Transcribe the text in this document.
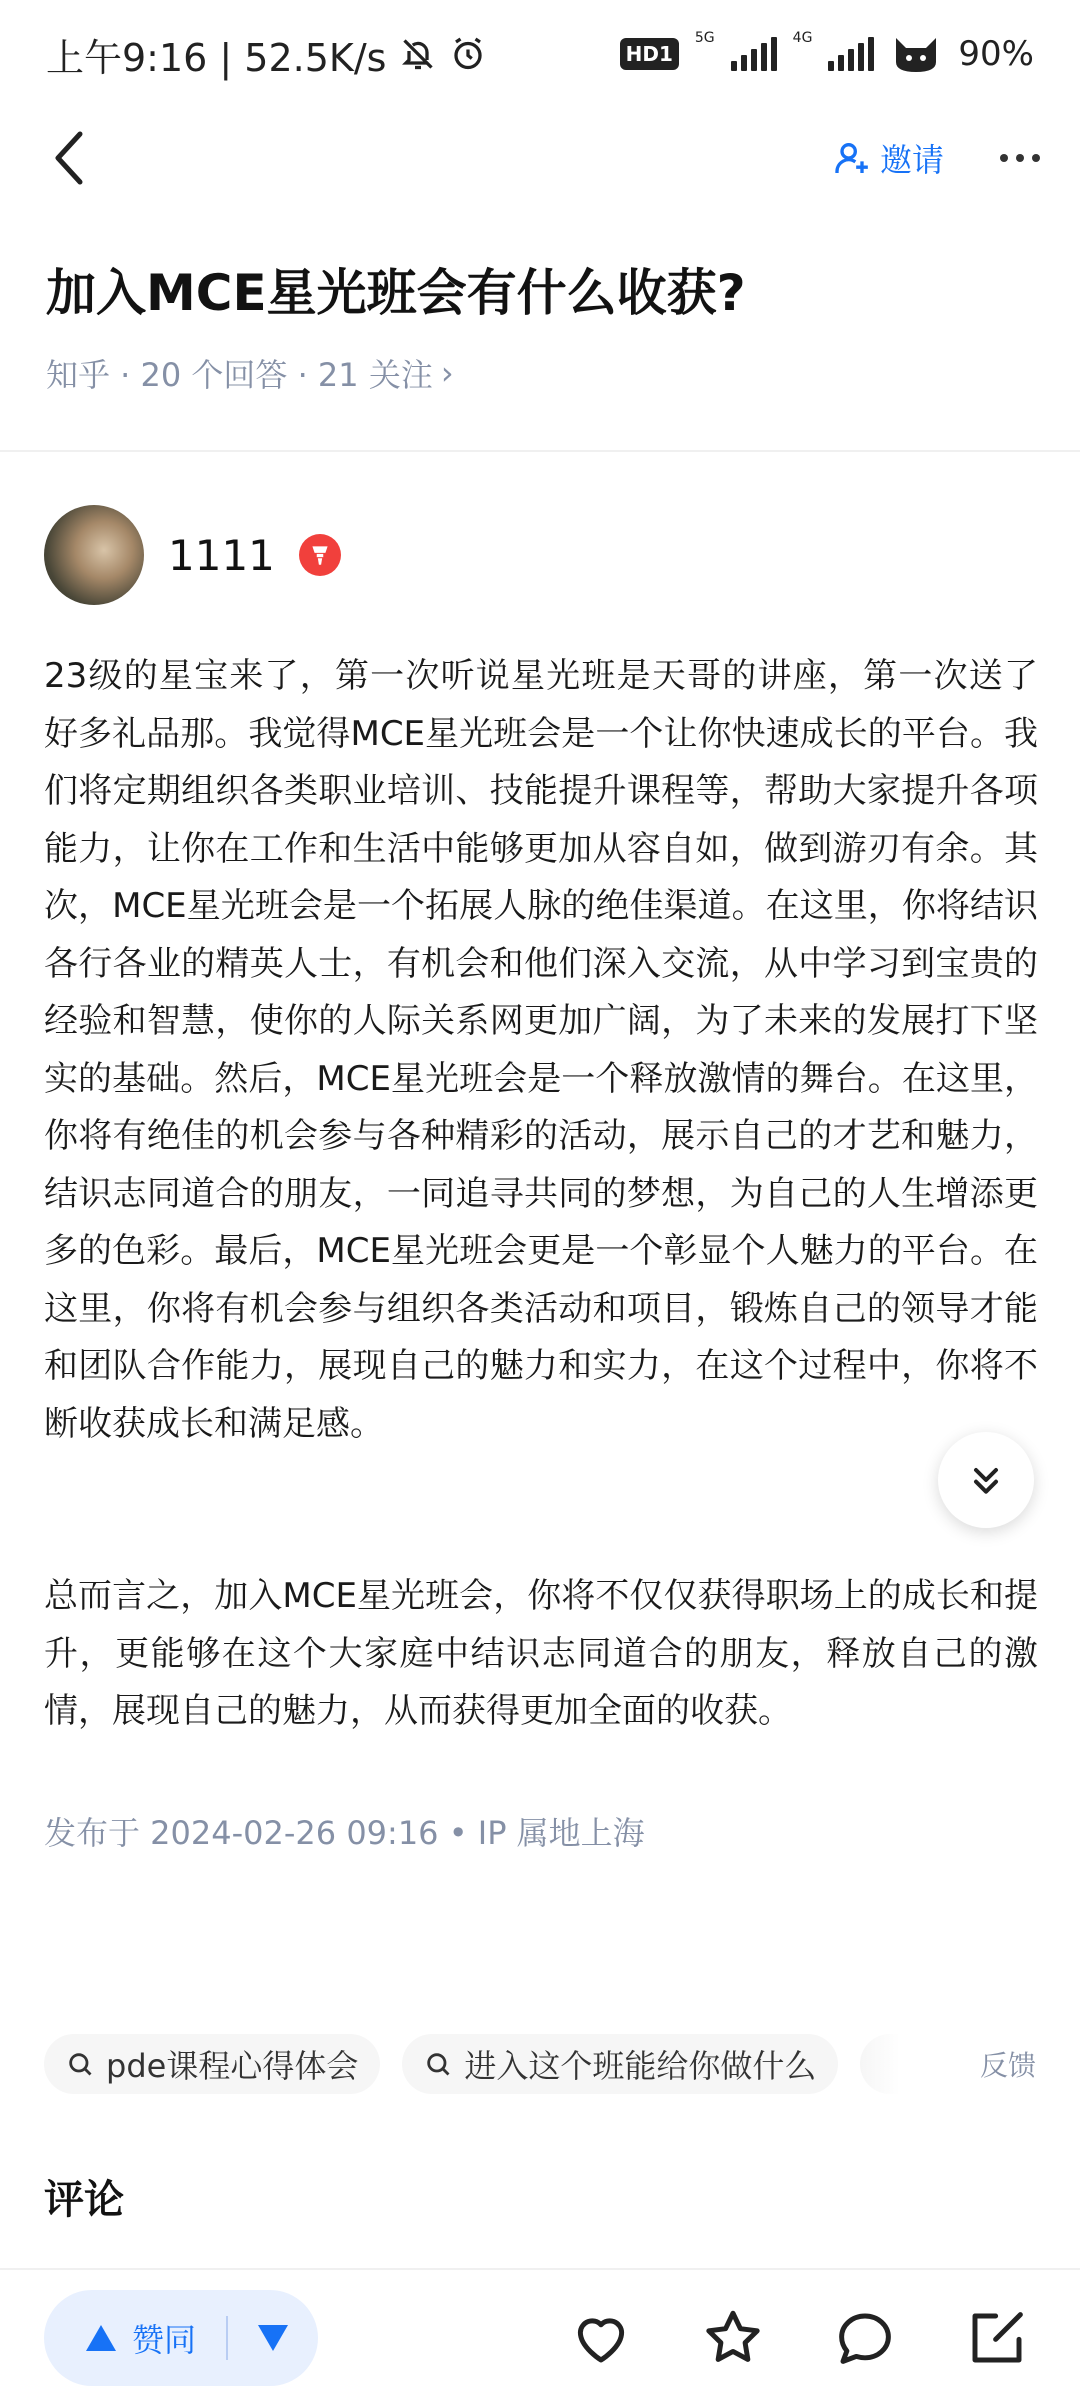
上午9:16 | 52.5K/s	HD1
5G	4G	90%
邀请
加入MCE星光班会有什么收获?
知乎 · 20 个回答 · 21 关注 ›
1111

23级的星宝来了，第一次听说星光班是天哥的讲座，第一次送了好多礼品那。我觉得MCE星光班会是一个让你快速成长的平台。我们将定期组织各类职业培训、技能提升课程等，帮助大家提升各项能力，让你在工作和生活中能够更加从容自如，做到游刃有余。其次，MCE星光班会是一个拓展人脉的绝佳渠道。在这里，你将结识各行各业的精英人士，有机会和他们深入交流，从中学习到宝贵的经验和智慧，使你的人际关系网更加广阔，为了未来的发展打下坚实的基础。然后，MCE星光班会是一个释放激情的舞台。在这里，你将有绝佳的机会参与各种精彩的活动，展示自己的才艺和魅力，结识志同道合的朋友，一同追寻共同的梦想，为自己的人生增添更多的色彩。最后，MCE星光班会更是一个彰显个人魅力的平台。在这里，你将有机会参与组织各类活动和项目，锻炼自己的领导才能和团队合作能力，展现自己的魅力和实力，在这个过程中，你将不断收获成长和满足感。

总而言之，加入MCE星光班会，你将不仅仅获得职场上的成长和提升，更能够在这个大家庭中结识志同道合的朋友，释放自己的激情，展现自己的魅力，从而获得更加全面的收获。

发布于 2024-02-26 09:16 • IP 属地上海
pde课程心得体会	进入这个班能给你做什么	反馈
评论
赞同
